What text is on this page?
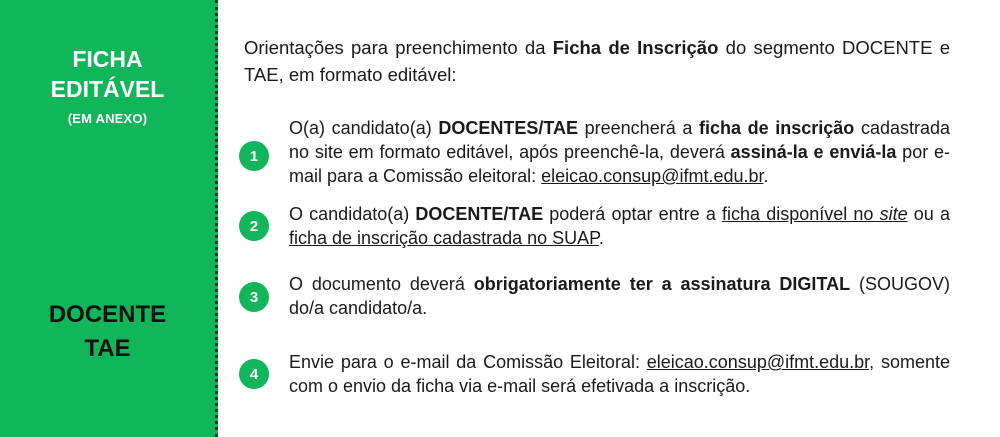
FICHA
EDITÁVEL
(EM ANEXO)
DOCENTE
TAE
Orientações para preenchimento da Ficha de Inscrição do segmento DOCENTE e TAE, em formato editável:
1
O(a) candidato(a) DOCENTES/TAE preencherá a ficha de inscrição cadastrada no site em formato editável, após preenchê-la, deverá assiná-la e enviá-la por e-mail para a Comissão eleitoral: eleicao.consup@ifmt.edu.br.
2
O candidato(a) DOCENTE/TAE poderá optar entre a ficha disponível no site ou a ficha de inscrição cadastrada no SUAP.
3
O documento deverá obrigatoriamente ter a assinatura DIGITAL (SOUGOV) do/a candidato/a.
4
Envie para o e-mail da Comissão Eleitoral: eleicao.consup@ifmt.edu.br, somente com o envio da ficha via e-mail será efetivada a inscrição.
